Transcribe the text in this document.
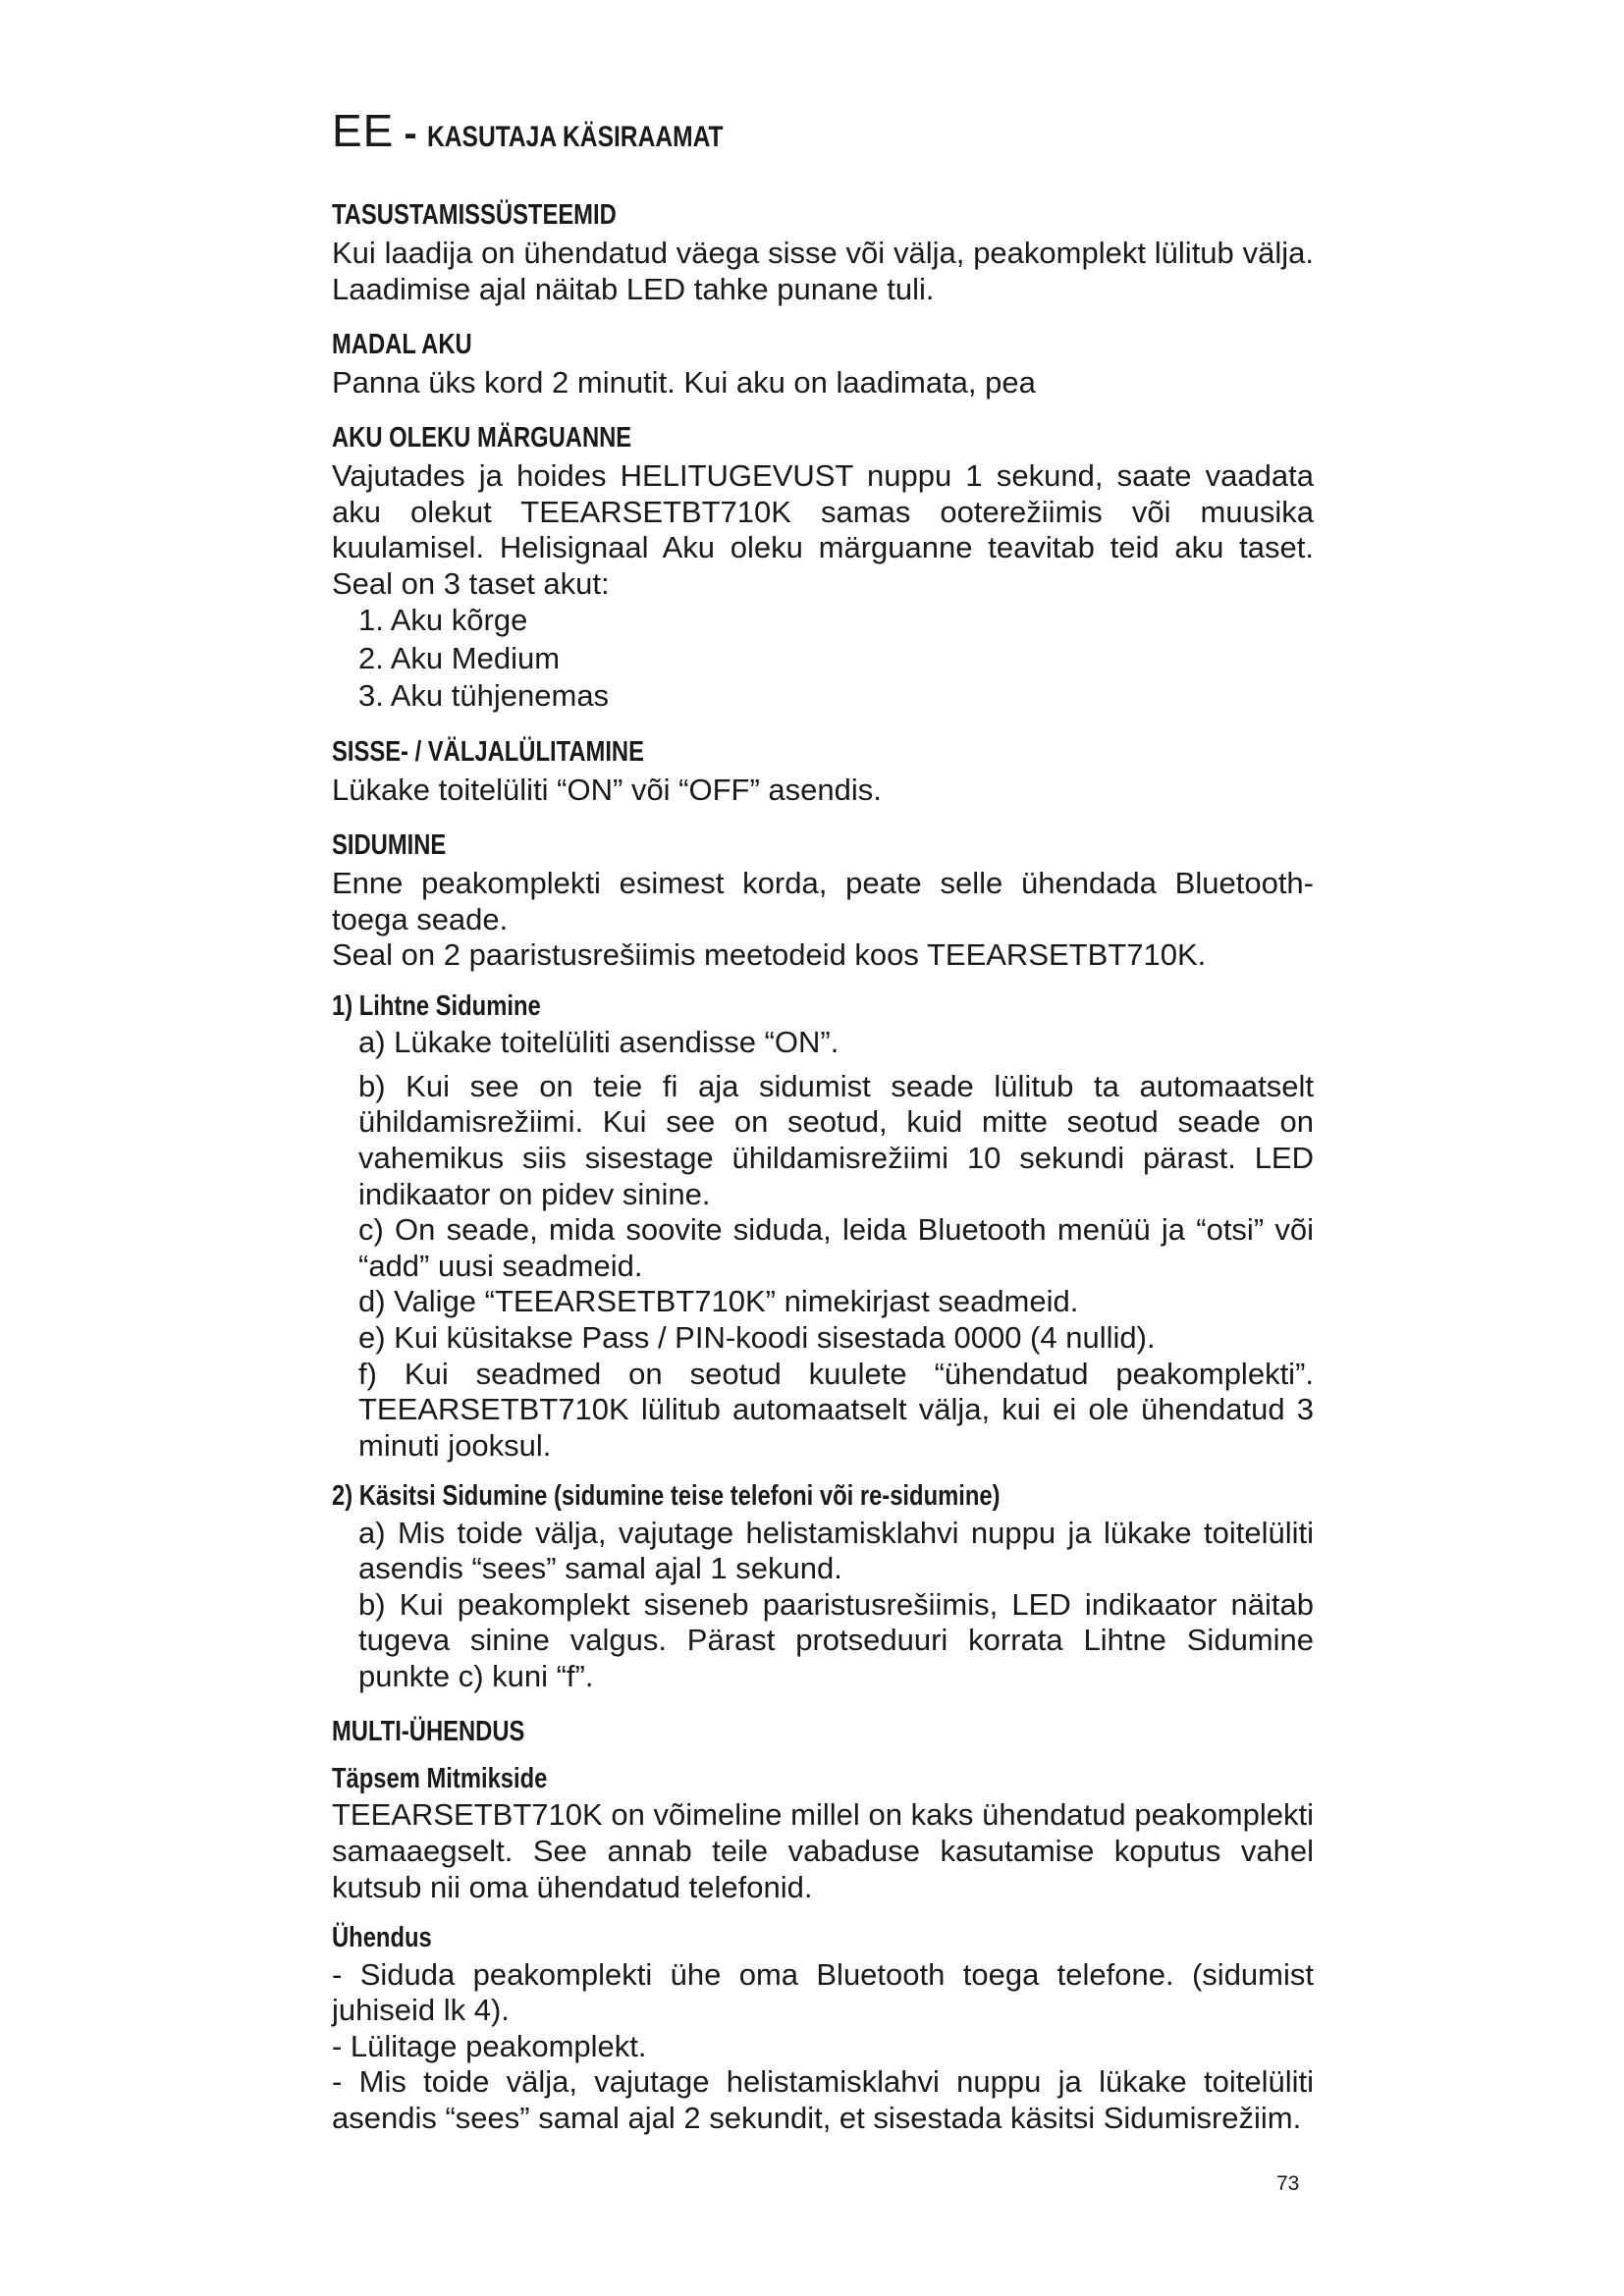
EE - KASUTAJA KÄSIRAAMAT
TASUSTAMISSÜSTEEMID

Kui laadija on ühendatud väega sisse või välja, peakomplekt lülitub välja. Laadimise ajal näitab LED tahke punane tuli.

MADAL AKU

Panna üks kord 2 minutit. Kui aku on laadimata, pea

AKU OLEKU MÄRGUANNE

Vajutades ja hoides HELITUGEVUST nuppu 1 sekund, saate vaadata aku olekut TEEARSETBT710K samas ooterežiimis või muusika kuulamisel. Helisignaal Aku oleku märguanne teavitab teid aku taset. Seal on 3 taset akut:

1. Aku kõrge
2. Aku Medium
3. Aku tühjenemas
SISSE- / VÄLJALÜLITAMINE

Lükake toitelüliti “ON” või “OFF” asendis.

SIDUMINE

Enne peakomplekti esimest korda, peate selle ühendada Bluetooth-toega seade.

Seal on 2 paaristusrešiimis meetodeid koos TEEARSETBT710K.

1) Lihtne Sidumine

a) Lükake toitelüliti asendisse “ON”.

b) Kui see on teie fi aja sidumist seade lülitub ta automaatselt ühildamisrežiimi. Kui see on seotud, kuid mitte seotud seade on vahemikus siis sisestage ühildamisrežiimi 10 sekundi pärast. LED indikaator on pidev sinine.

c) On seade, mida soovite siduda, leida Bluetooth menüü ja “otsi” või “add” uusi seadmeid.

d) Valige “TEEARSETBT710K” nimekirjast seadmeid.

e) Kui küsitakse Pass / PIN-koodi sisestada 0000 (4 nullid).

f) Kui seadmed on seotud kuulete “ühendatud peakomplekti”. TEEARSETBT710K lülitub automaatselt välja, kui ei ole ühendatud 3 minuti jooksul.

2) Käsitsi Sidumine (sidumine teise telefoni või re-sidumine)

a) Mis toide välja, vajutage helistamisklahvi nuppu ja lükake toitelüliti asendis “sees” samal ajal 1 sekund.

b) Kui peakomplekt siseneb paaristusrešiimis, LED indikaator näitab tugeva sinine valgus. Pärast protseduuri korrata Lihtne Sidumine punkte c) kuni “f”.

MULTI-ÜHENDUS
Täpsem Mitmikside

TEEARSETBT710K on võimeline millel on kaks ühendatud peakomplekti samaaegselt. See annab teile vabaduse kasutamise koputus vahel kutsub nii oma ühendatud telefonid.

Ühendus

- Siduda peakomplekti ühe oma Bluetooth toega telefone. (sidumist juhiseid lk 4).

- Lülitage peakomplekt.

- Mis toide välja, vajutage helistamisklahvi nuppu ja lükake toitelüliti asendis “sees” samal ajal 2 sekundit, et sisestada käsitsi Sidumisrežiim.

73
